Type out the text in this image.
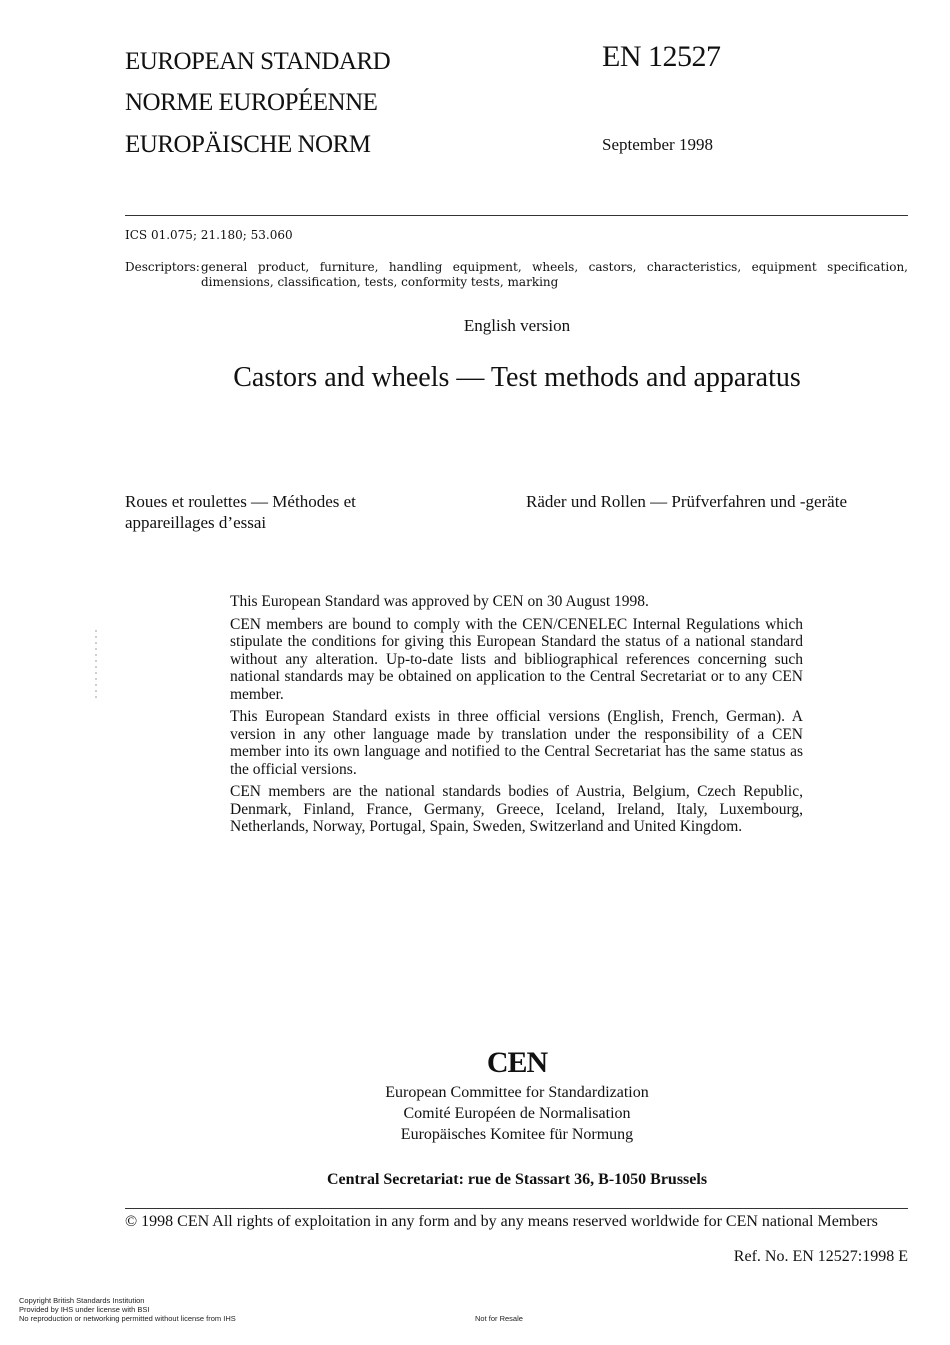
EUROPEAN STANDARD
NORME EUROPÉENNE
EUROPÄISCHE NORM
EN 12527
September 1998
ICS 01.075; 21.180; 53.060
Descriptors: general product, furniture, handling equipment, wheels, castors, characteristics, equipment specification, dimensions, classification, tests, conformity tests, marking
English version
Castors and wheels — Test methods and apparatus
Roues et roulettes — Méthodes et appareillages d’essai
Räder und Rollen — Prüfverfahren und -geräte

This European Standard was approved by CEN on 30 August 1998.

CEN members are bound to comply with the CEN/CENELEC Internal Regulations which stipulate the conditions for giving this European Standard the status of a national standard without any alteration. Up-to-date lists and bibliographical references concerning such national standards may be obtained on application to the Central Secretariat or to any CEN member.

This European Standard exists in three official versions (English, French, German). A version in any other language made by translation under the responsibility of a CEN member into its own language and notified to the Central Secretariat has the same status as the official versions.

CEN members are the national standards bodies of Austria, Belgium, Czech Republic, Denmark, Finland, France, Germany, Greece, Iceland, Ireland, Italy, Luxembourg, Netherlands, Norway, Portugal, Spain, Sweden, Switzerland and United Kingdom.

CEN
European Committee for Standardization
Comité Européen de Normalisation
Europäisches Komitee für Normung
Central Secretariat: rue de Stassart 36, B-1050 Brussels
© 1998 CEN All rights of exploitation in any form and by any means reserved worldwide for CEN national Members
Ref. No. EN 12527:1998 E
Copyright British Standards Institution
Provided by IHS under license with BSI
No reproduction or networking permitted without license from IHS	Not for Resale
